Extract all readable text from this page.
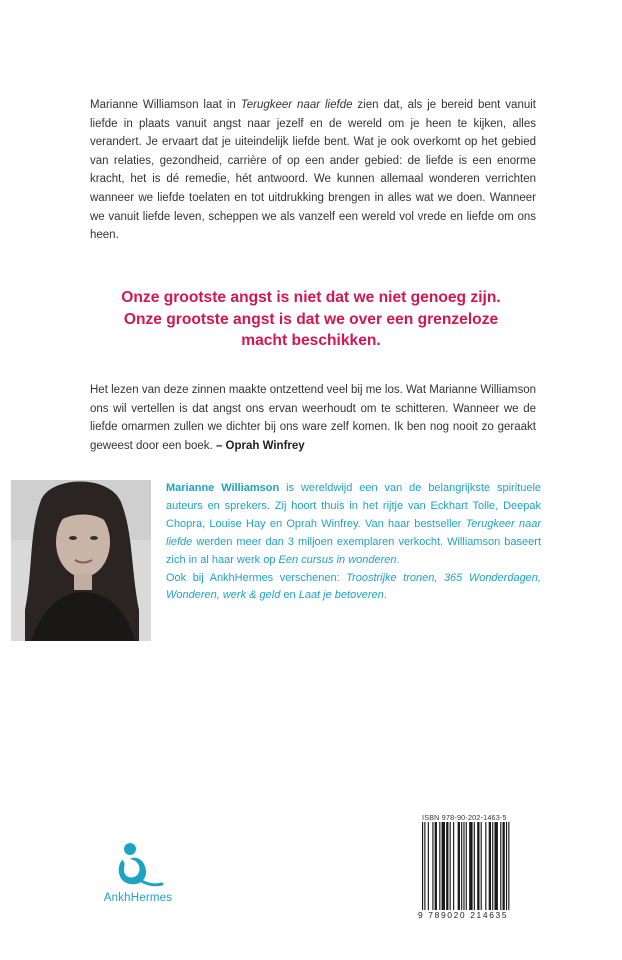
Marianne Williamson laat in Terugkeer naar liefde zien dat, als je bereid bent vanuit liefde in plaats vanuit angst naar jezelf en de wereld om je heen te kijken, alles verandert. Je ervaart dat je uiteindelijk liefde bent. Wat je ook overkomt op het gebied van relaties, gezondheid, carrière of op een ander gebied: de liefde is een enorme kracht, het is dé remedie, hét antwoord. We kunnen allemaal wonderen verrichten wanneer we liefde toelaten en tot uitdrukking brengen in alles wat we doen. Wanneer we vanuit liefde leven, scheppen we als vanzelf een wereld vol vrede en liefde om ons heen.

Onze grootste angst is niet dat we niet genoeg zijn.
Onze grootste angst is dat we over een grenzeloze
macht beschikken.
Het lezen van deze zinnen maakte ontzettend veel bij me los. Wat Marianne Williamson ons wil vertellen is dat angst ons ervan weerhoudt om te schitteren. Wanneer we de liefde omarmen zullen we dichter bij ons ware zelf komen. Ik ben nog nooit zo geraakt geweest door een boek. – Oprah Winfrey
Marianne Williamson is wereldwijd een van de belangrijkste spirituele auteurs en sprekers. Zij hoort thuis in het rijtje van Eckhart Tolle, Deepak Chopra, Louise Hay en Oprah Winfrey. Van haar bestseller Terugkeer naar liefde werden meer dan 3 miljoen exemplaren verkocht. Williamson baseert zich in al haar werk op Een cursus in wonderen.
Ook bij AnkhHermes verschenen: Troostrijke tronen, 365 Wonderdagen, Wonderen, werk & geld en Laat je betoveren.
AnkhHermes
ISBN 978-90-202-1463-5
9 789020 214635
